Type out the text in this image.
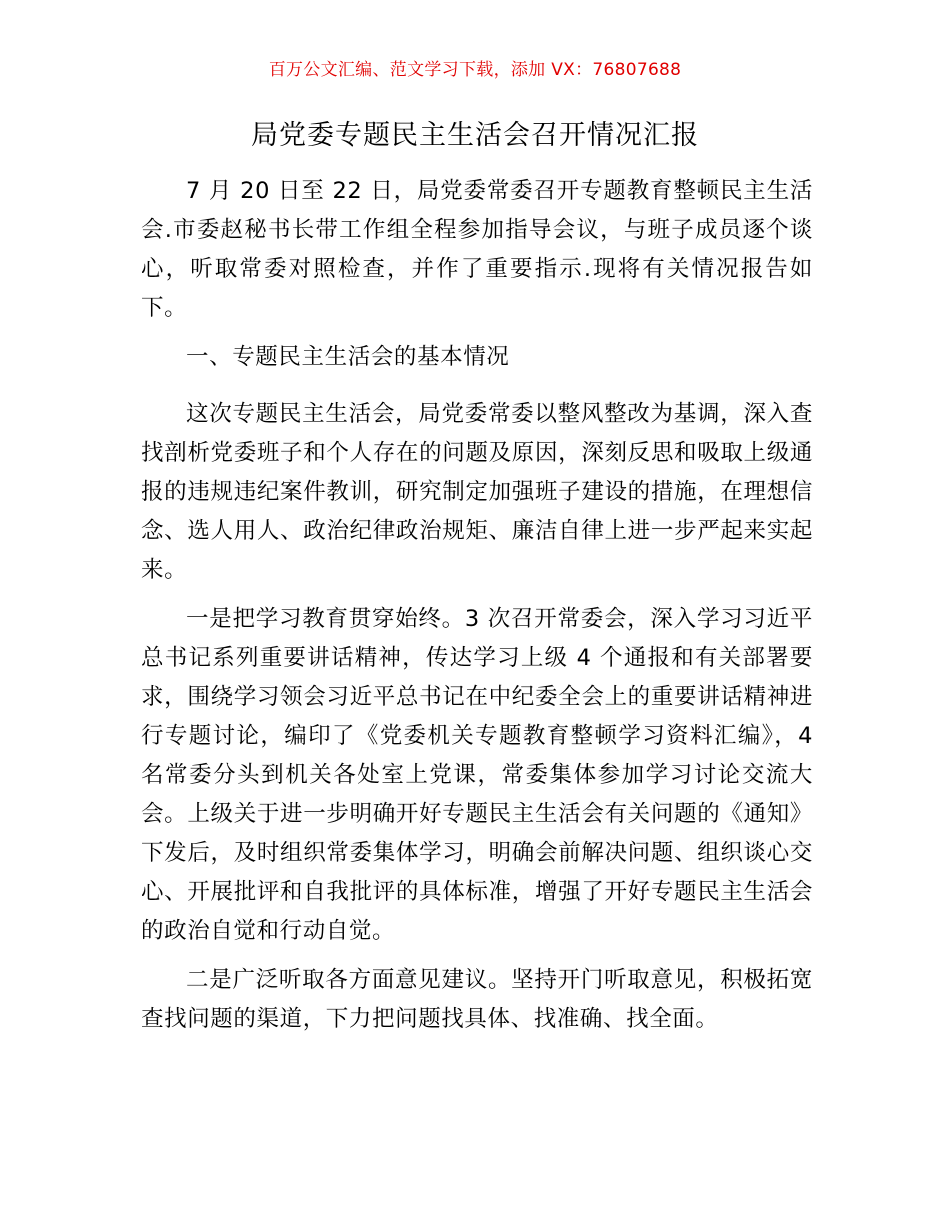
百万公文汇编、范文学习下载，添加 VX：76807688
局党委专题民主生活会召开情况汇报

7 月 20 日至 22 日，局党委常委召开专题教育整顿民主生活会.市委赵秘书长带工作组全程参加指导会议，与班子成员逐个谈心，听取常委对照检查，并作了重要指示.现将有关情况报告如下。

一、专题民主生活会的基本情况

这次专题民主生活会，局党委常委以整风整改为基调，深入查找剖析党委班子和个人存在的问题及原因，深刻反思和吸取上级通报的违规违纪案件教训，研究制定加强班子建设的措施，在理想信念、选人用人、政治纪律政治规矩、廉洁自律上进一步严起来实起来。

一是把学习教育贯穿始终。3 次召开常委会，深入学习习近平总书记系列重要讲话精神，传达学习上级 4 个通报和有关部署要求，围绕学习领会习近平总书记在中纪委全会上的重要讲话精神进行专题讨论，编印了《党委机关专题教育整顿学习资料汇编》，4 名常委分头到机关各处室上党课，常委集体参加学习讨论交流大会。上级关于进一步明确开好专题民主生活会有关问题的《通知》下发后，及时组织常委集体学习，明确会前解决问题、组织谈心交心、开展批评和自我批评的具体标准，增强了开好专题民主生活会的政治自觉和行动自觉。

二是广泛听取各方面意见建议。坚持开门听取意见，积极拓宽查找问题的渠道，下力把问题找具体、找准确、找全面。
